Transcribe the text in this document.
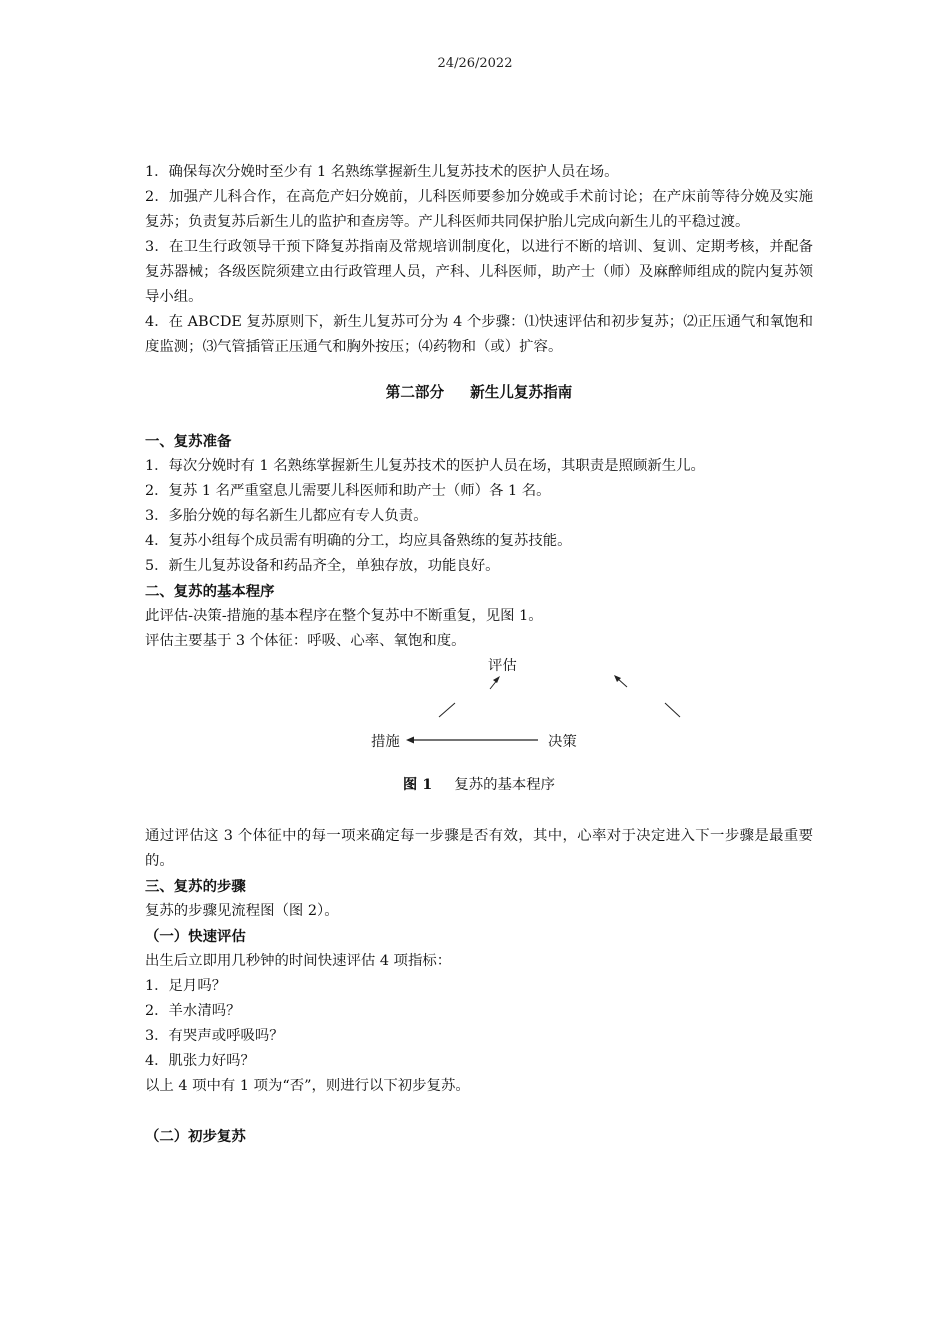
24/26/2022

1．确保每次分娩时至少有 1 名熟练掌握新生儿复苏技术的医护人员在场。

2．加强产儿科合作，在高危产妇分娩前，儿科医师要参加分娩或手术前讨论；在产床前等待分娩及实施复苏；负责复苏后新生儿的监护和查房等。产儿科医师共同保护胎儿完成向新生儿的平稳过渡。

3．在卫生行政领导干预下降复苏指南及常规培训制度化，以进行不断的培训、复训、定期考核，并配备复苏器械；各级医院须建立由行政管理人员，产科、儿科医师，助产士（师）及麻醉师组成的院内复苏领导小组。

4．在 ABCDE 复苏原则下，新生儿复苏可分为 4 个步骤：⑴快速评估和初步复苏；⑵正压通气和氧饱和度监测；⑶气管插管正压通气和胸外按压；⑷药物和（或）扩容。

第二部分 新生儿复苏指南

一、复苏准备

1．每次分娩时有 1 名熟练掌握新生儿复苏技术的医护人员在场，其职责是照顾新生儿。

2．复苏 1 名严重窒息儿需要儿科医师和助产士（师）各 1 名。

3．多胎分娩的每名新生儿都应有专人负责。

4．复苏小组每个成员需有明确的分工，均应具备熟练的复苏技能。

5．新生儿复苏设备和药品齐全，单独存放，功能良好。

二、复苏的基本程序

此评估-决策-措施的基本程序在整个复苏中不断重复，见图 1。

评估主要基于 3 个体征：呼吸、心率、氧饱和度。

评估
措施	决策
图 1 复苏的基本程序

通过评估这 3 个体征中的每一项来确定每一步骤是否有效，其中，心率对于决定进入下一步骤是最重要的。

三、复苏的步骤

复苏的步骤见流程图（图 2）。

（一）快速评估

出生后立即用几秒钟的时间快速评估 4 项指标：

1．足月吗？

2．羊水清吗？

3．有哭声或呼吸吗？

4．肌张力好吗？

以上 4 项中有 1 项为“否”，则进行以下初步复苏。

（二）初步复苏
